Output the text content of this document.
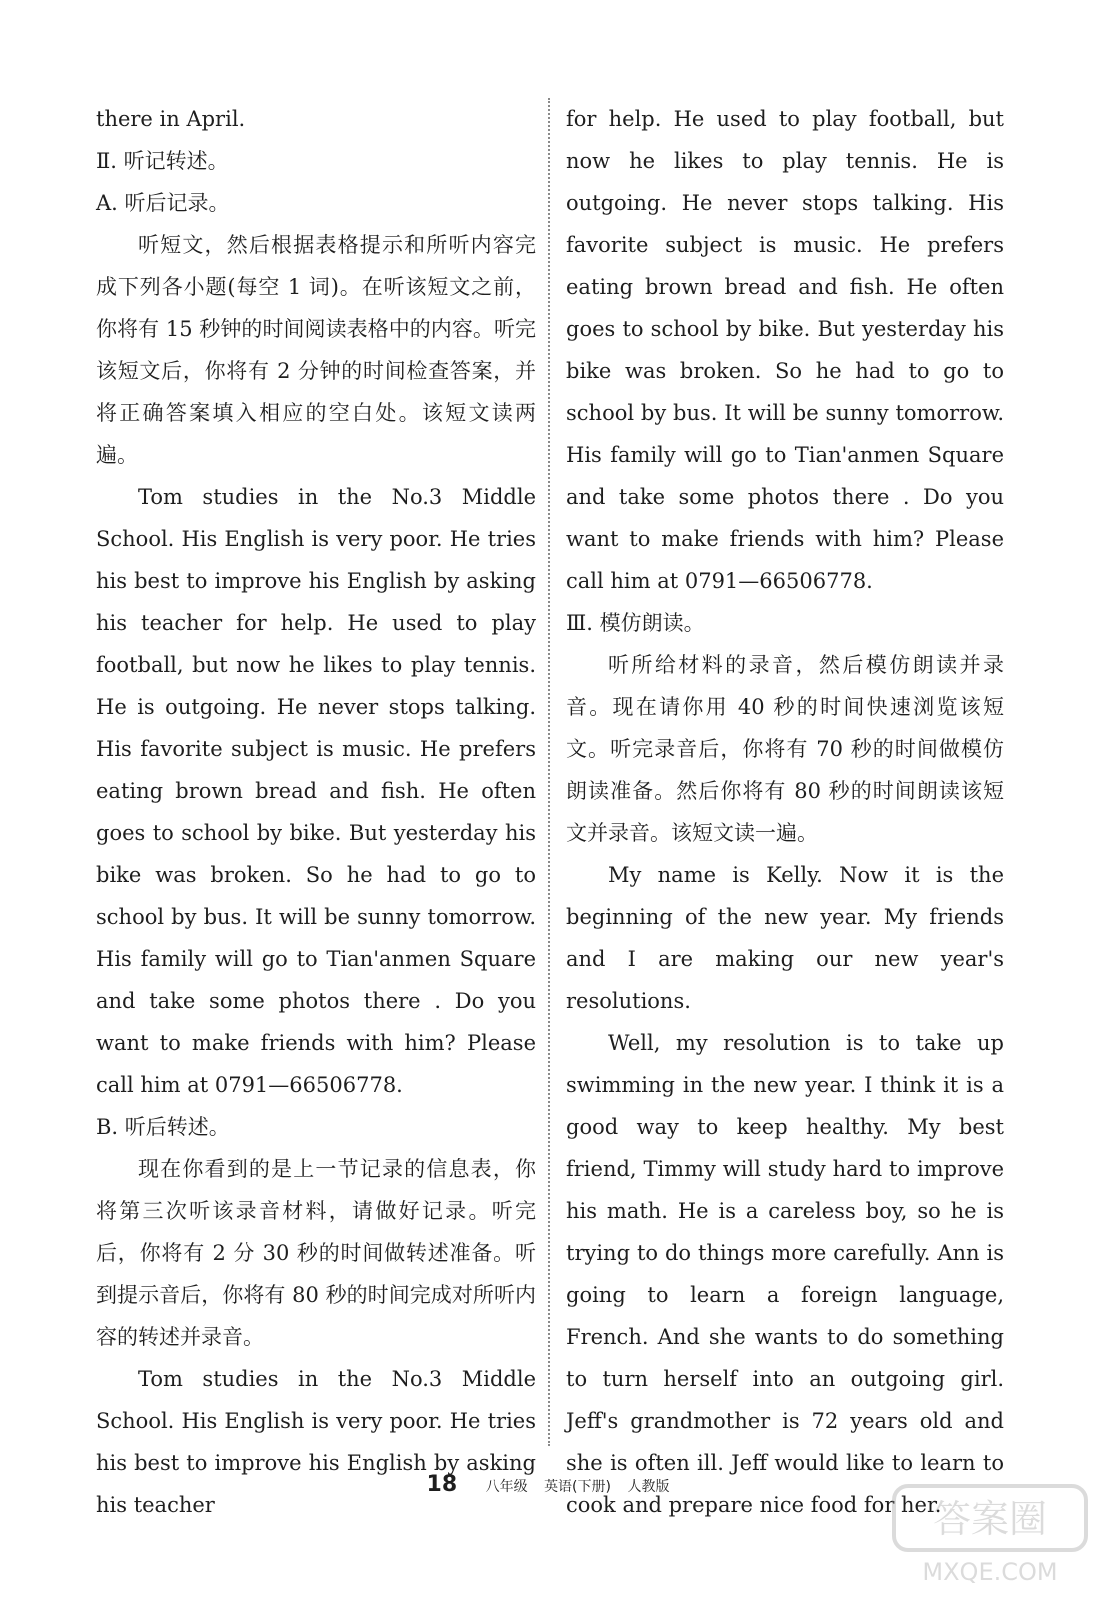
there in April.

Ⅱ. 听记转述。

A. 听后记录。

听短文，然后根据表格提示和所听内容完成下列各小题(每空 1 词)。在听该短文之前，你将有 15 秒钟的时间阅读表格中的内容。听完该短文后，你将有 2 分钟的时间检查答案，并将正确答案填入相应的空白处。该短文读两遍。

Tom studies in the No.3 Middle School. His English is very poor. He tries his best to improve his English by asking his teacher for help. He used to play football, but now he likes to play tennis. He is outgoing. He never stops talking. His favorite subject is music. He prefers eating brown bread and fish. He often goes to school by bike. But yesterday his bike was broken. So he had to go to school by bus. It will be sunny tomorrow. His family will go to Tian'anmen Square and take some photos there . Do you want to make friends with him? Please call him at 0791—66506778.

B. 听后转述。

现在你看到的是上一节记录的信息表，你将第三次听该录音材料，请做好记录。听完后，你将有 2 分 30 秒的时间做转述准备。听到提示音后，你将有 80 秒的时间完成对所听内容的转述并录音。

Tom studies in the No.3 Middle School. His English is very poor. He tries his best to improve his English by asking his teacher

for help. He used to play football, but now he likes to play tennis. He is outgoing. He never stops talking. His favorite subject is music. He prefers eating brown bread and fish. He often goes to school by bike. But yesterday his bike was broken. So he had to go to school by bus. It will be sunny tomorrow. His family will go to Tian'anmen Square and take some photos there . Do you want to make friends with him? Please call him at 0791—66506778.

Ⅲ. 模仿朗读。

听所给材料的录音，然后模仿朗读并录音。现在请你用 40 秒的时间快速浏览该短文。听完录音后，你将有 70 秒的时间做模仿朗读准备。然后你将有 80 秒的时间朗读该短文并录音。该短文读一遍。

My name is Kelly. Now it is the beginning of the new year. My friends and I are making our new year's resolutions.

Well, my resolution is to take up swimming in the new year. I think it is a good way to keep healthy. My best friend, Timmy will study hard to improve his math. He is a careless boy, so he is trying to do things more carefully. Ann is going to learn a foreign language, French. And she wants to do something to turn herself into an outgoing girl. Jeff's grandmother is 72 years old and she is often ill. Jeff would like to learn to cook and prepare nice food for her.

18 八年级 英语(下册) 人教版
答案圈
MXQE.COM
